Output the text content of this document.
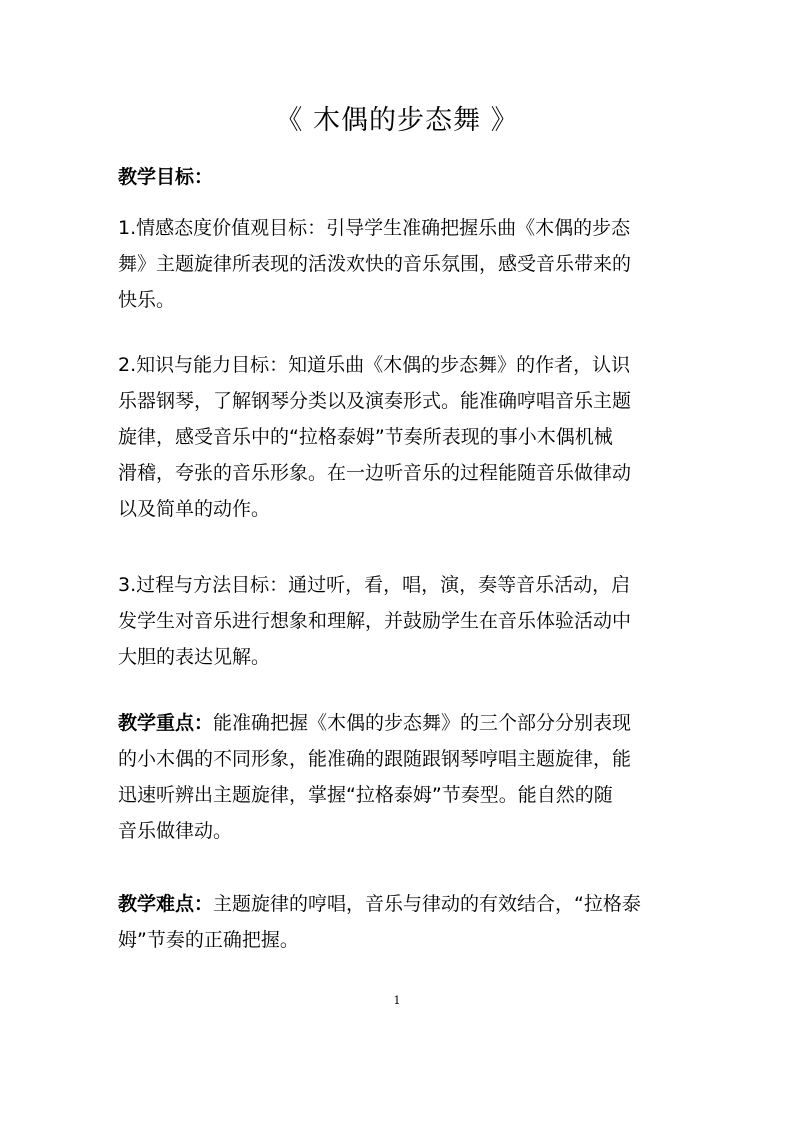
《 木偶的步态舞 》
教学目标：
1.情感态度价值观目标：引导学生准确把握乐曲《木偶的步态
舞》主题旋律所表现的活泼欢快的音乐氛围，感受音乐带来的
快乐。
2.知识与能力目标：知道乐曲《木偶的步态舞》的作者，认识
乐器钢琴，了解钢琴分类以及演奏形式。能准确哼唱音乐主题
旋律，感受音乐中的“拉格泰姆”节奏所表现的事小木偶机械
滑稽，夸张的音乐形象。在一边听音乐的过程能随音乐做律动
以及简单的动作。
3.过程与方法目标：通过听，看，唱，演，奏等音乐活动，启
发学生对音乐进行想象和理解，并鼓励学生在音乐体验活动中
大胆的表达见解。
教学重点：能准确把握《木偶的步态舞》的三个部分分别表现
的小木偶的不同形象，能准确的跟随跟钢琴哼唱主题旋律，能
迅速听辨出主题旋律，掌握“拉格泰姆”节奏型。能自然的随
音乐做律动。
教学难点：主题旋律的哼唱，音乐与律动的有效结合，“拉格泰
姆”节奏的正确把握。
1
